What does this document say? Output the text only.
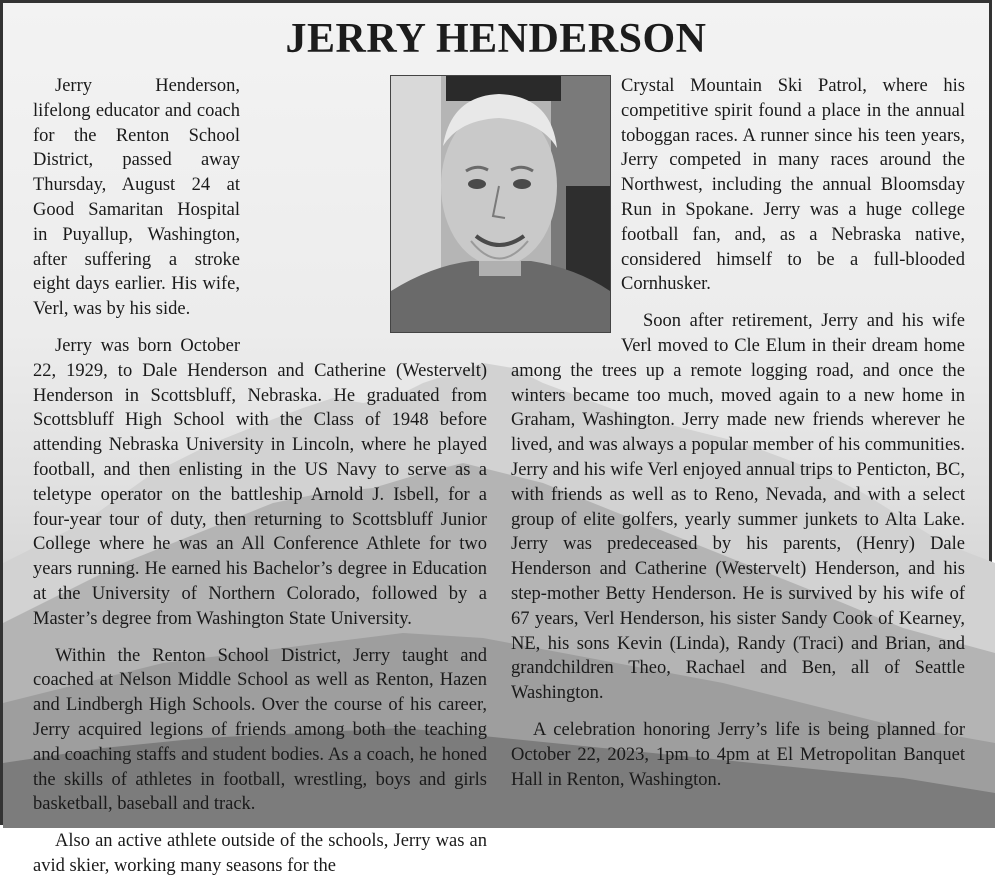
JERRY HENDERSON

Jerry Henderson, lifelong educator and coach for the Renton School District, passed away Thursday, August 24 at Good Samaritan Hospital in Puyallup, Washington, after suffering a stroke eight days earlier. His wife, Verl, was by his side.

Jerry was born October 22, 1929, to Dale Henderson and Catherine (Westervelt) Henderson in Scottsbluff, Nebraska. He graduated from Scottsbluff High School with the Class of 1948 before attending Nebraska University in Lincoln, where he played football, and then enlisting in the US Navy to serve as a teletype operator on the battleship Arnold J. Isbell, for a four-year tour of duty, then returning to Scottsbluff Junior College where he was an All Conference Athlete for two years running. He earned his Bachelor’s degree in Education at the University of Northern Colorado, followed by a Master’s degree from Washington State University.

Within the Renton School District, Jerry taught and coached at Nelson Middle School as well as Renton, Hazen and Lindbergh High Schools. Over the course of his career, Jerry acquired legions of friends among both the teaching and coaching staffs and student bodies. As a coach, he honed the skills of athletes in football, wrestling, boys and girls basketball, baseball and track.

Also an active athlete outside of the schools, Jerry was an avid skier, working many seasons for the

Crystal Mountain Ski Patrol, where his competitive spirit found a place in the annual toboggan races. A runner since his teen years, Jerry competed in many races around the Northwest, including the annual Bloomsday Run in Spokane. Jerry was a huge college football fan, and, as a Nebraska native, considered himself to be a full-blooded Cornhusker.

Soon after retirement, Jerry and his wife Verl moved to Cle Elum in their dream home among the trees up a remote logging road, and once the winters became too much, moved again to a new home in Graham, Washington. Jerry made new friends wherever he lived, and was always a popular member of his communities. Jerry and his wife Verl enjoyed annual trips to Penticton, BC, with friends as well as to Reno, Nevada, and with a select group of elite golfers, yearly summer junkets to Alta Lake. Jerry was predeceased by his parents, (Henry) Dale Henderson and Catherine (Westervelt) Henderson, and his step-mother Betty Henderson. He is survived by his wife of 67 years, Verl Henderson, his sister Sandy Cook of Kearney, NE, his sons Kevin (Linda), Randy (Traci) and Brian, and grandchildren Theo, Rachael and Ben, all of Seattle Washington.

A celebration honoring Jerry’s life is being planned for October 22, 2023, 1pm to 4pm at El Metropolitan Banquet Hall in Renton, Washington.
